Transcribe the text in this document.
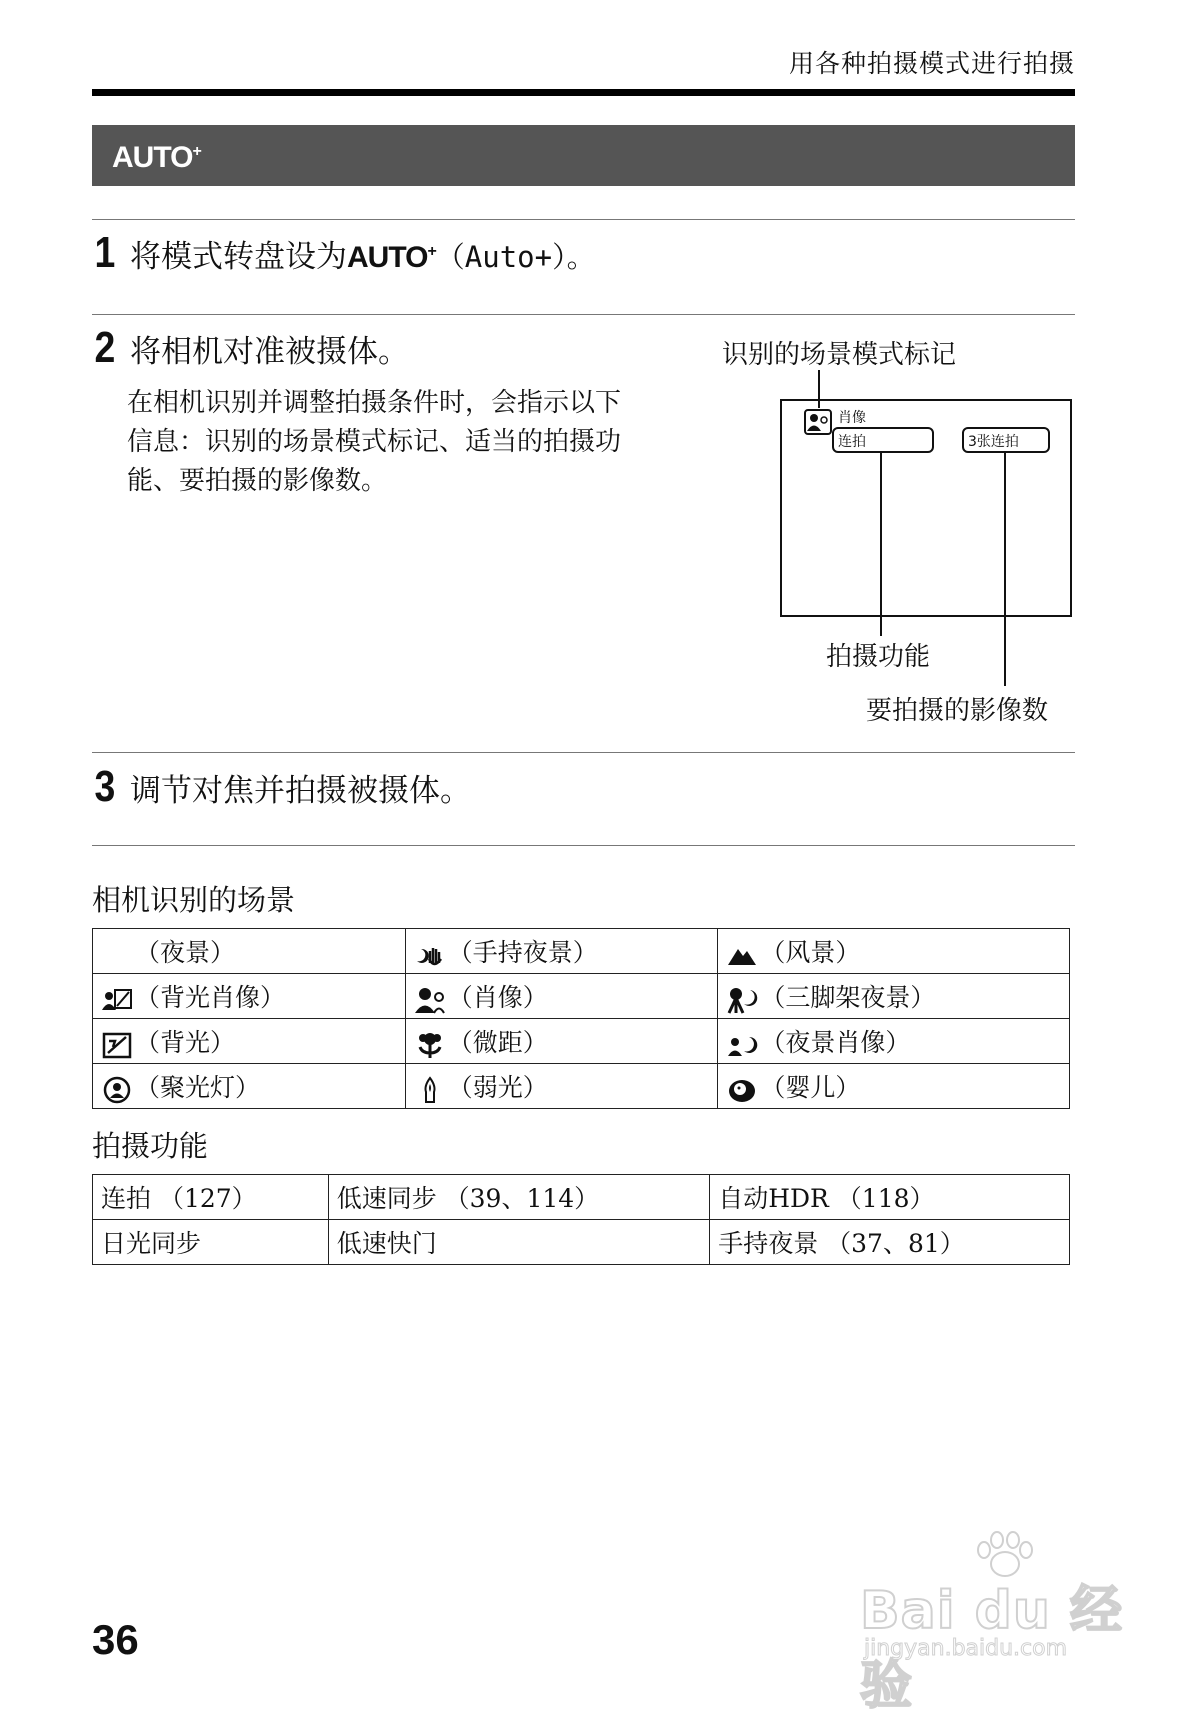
用各种拍摄模式进行拍摄
AUTO+
1 将模式转盘设为AUTO+（Auto+）。
2 将相机对准被摄体。
在相机识别并调整拍摄条件时，会指示以下信息：识别的场景模式标记、适当的拍摄功能、要拍摄的影像数。
识别的场景模式标记
肖像
连拍	3张连拍
拍摄功能
要拍摄的影像数
3 调节对焦并拍摄被摄体。
相机识别的场景
（夜景）	（手持夜景）	（风景）
（背光肖像）	（肖像）	（三脚架夜景）
（背光）	（微距）	（夜景肖像）
（聚光灯）	（弱光）	（婴儿）
拍摄功能
连拍 （127）	低速同步 （39、114）	自动HDR （118）
日光同步	低速快门	手持夜景 （37、81）
36	Bai du 经验
jingyan.baidu.com
